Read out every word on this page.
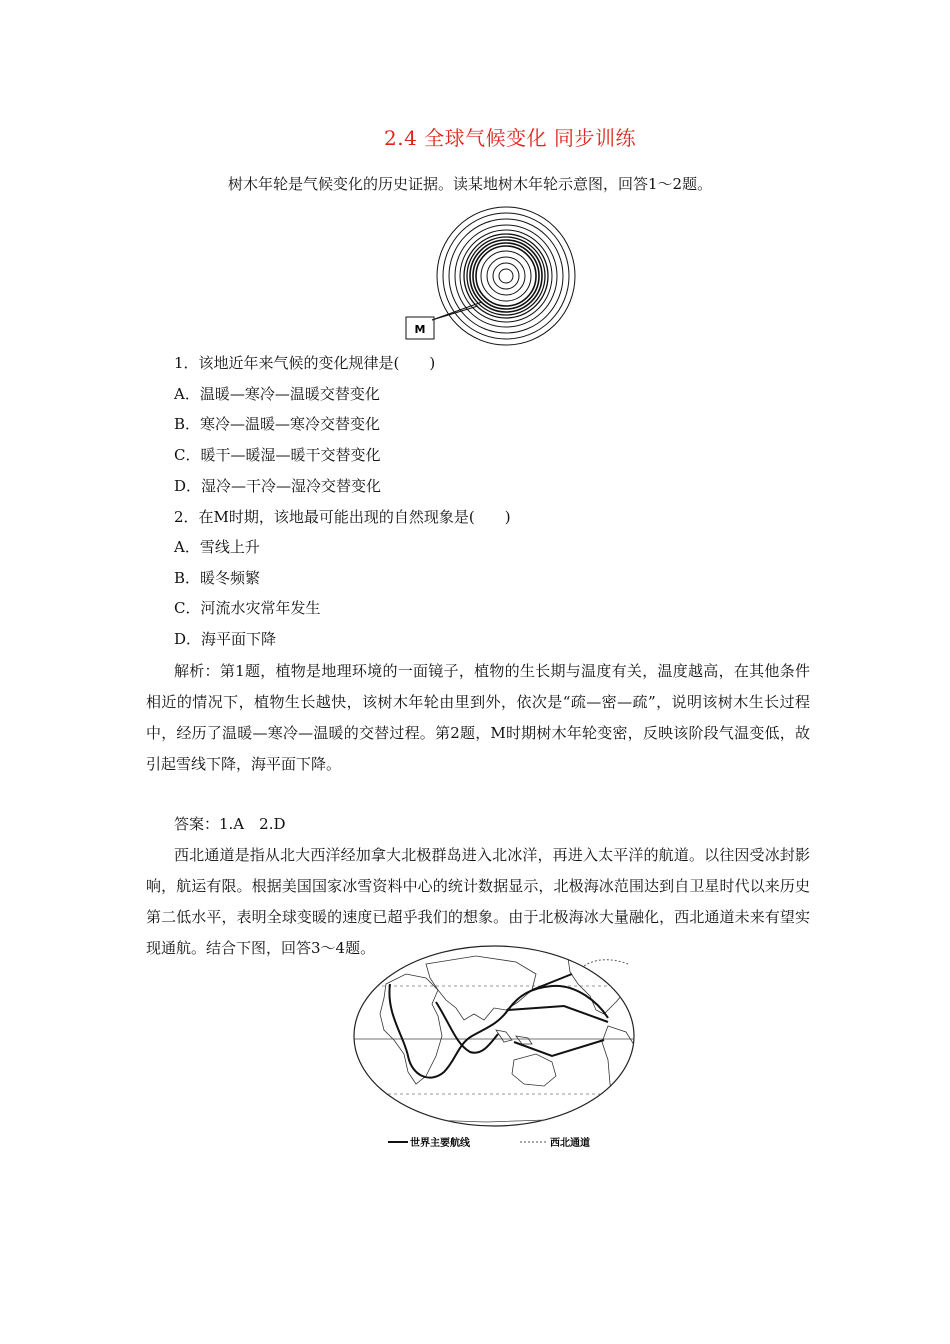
2.4 全球气候变化 同步训练
树木年轮是气候变化的历史证据。读某地树木年轮示意图，回答1～2题。
M
1．该地近年来气候的变化规律是(　　)
A．温暖—寒冷—温暖交替变化
B．寒冷—温暖—寒冷交替变化
C．暖干—暖湿—暖干交替变化
D．湿冷—干冷—湿冷交替变化
2．在M时期，该地最可能出现的自然现象是(　　)
A．雪线上升
B．暖冬频繁
C．河流水灾常年发生
D．海平面下降
解析：第1题，植物是地理环境的一面镜子，植物的生长期与温度有关，温度越高，在其他条件相近的情况下，植物生长越快，该树木年轮由里到外，依次是“疏—密—疏”，说明该树木生长过程中，经历了温暖—寒冷—温暖的交替过程。第2题，M时期树木年轮变密，反映该阶段气温变低，故引起雪线下降，海平面下降。
答案：1.A　2.D
西北通道是指从北大西洋经加拿大北极群岛进入北冰洋，再进入太平洋的航道。以往因受冰封影响，航运有限。根据美国国家冰雪资料中心的统计数据显示，北极海冰范围达到自卫星时代以来历史第二低水平，表明全球变暖的速度已超乎我们的想象。由于北极海冰大量融化，西北通道未来有望实现通航。结合下图，回答3～4题。
世界主要航线	西北通道
